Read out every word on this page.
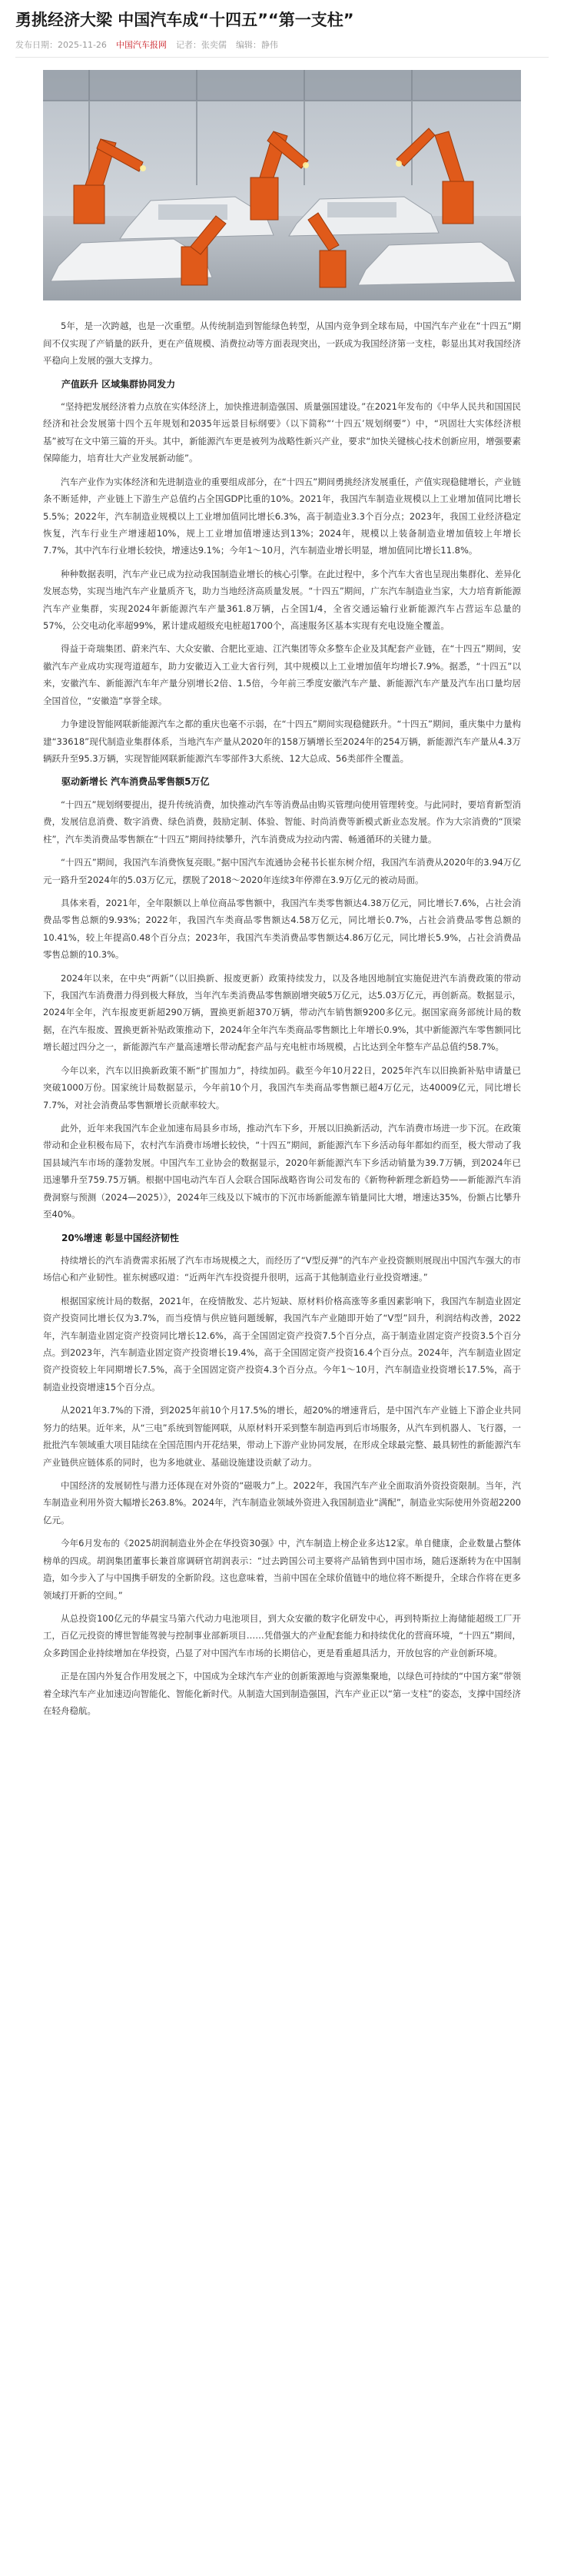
勇挑经济大梁 中国汽车成“十四五”“第一支柱”
发布日期：2025-11-26 中国汽车报网 记者：张奕儒 编辑：静伟

5年，是一次跨越，也是一次重塑。从传统制造到智能绿色转型，从国内竞争到全球布局，中国汽车产业在“十四五”期间不仅实现了产销量的跃升，更在产值规模、消费拉动等方面表现突出，一跃成为我国经济第一支柱，彰显出其对我国经济平稳向上发展的强大支撑力。

产值跃升 区域集群协同发力

“坚持把发展经济着力点放在实体经济上，加快推进制造强国、质量强国建设。”在2021年发布的《中华人民共和国国民经济和社会发展第十四个五年规划和2035年远景目标纲要》（以下简称“‘十四五’规划纲要”）中，“巩固壮大实体经济根基”被写在文中第三篇的开头。其中，新能源汽车更是被列为战略性新兴产业，要求“加快关键核心技术创新应用，增强要素保障能力，培育壮大产业发展新动能”。

汽车产业作为实体经济和先进制造业的重要组成部分，在“十四五”期间勇挑经济发展重任，产值实现稳健增长，产业链条不断延伸，产业链上下游生产总值约占全国GDP比重的10%。2021年，我国汽车制造业规模以上工业增加值同比增长5.5%；2022年，汽车制造业规模以上工业增加值同比增长6.3%，高于制造业3.3个百分点；2023年，我国工业经济稳定恢复，汽车行业生产增速超10%，规上工业增加值增速达到13%；2024年，规模以上装备制造业增加值较上年增长7.7%，其中汽车行业增长较快，增速达9.1%；今年1～10月，汽车制造业增长明显，增加值同比增长11.8%。

种种数据表明，汽车产业已成为拉动我国制造业增长的核心引擎。在此过程中，多个汽车大省也呈现出集群化、差异化发展态势，实现当地汽车产业量质齐飞，助力当地经济高质量发展。“十四五”期间，广东汽车制造业当家，大力培育新能源汽车产业集群，实现2024年新能源汽车产量361.8万辆，占全国1/4，全省交通运输行业新能源汽车占营运车总量的57%，公交电动化率超99%，累计建成超级充电桩超1700个，高速服务区基本实现有充电设施全覆盖。

得益于奇瑞集团、蔚来汽车、大众安徽、合肥比亚迪、江汽集团等众多整车企业及其配套产业链，在“十四五”期间，安徽汽车产业成功实现弯道超车，助力安徽迈入工业大省行列，其中规模以上工业增加值年均增长7.9%。据悉，“十四五”以来，安徽汽车、新能源汽车年产量分别增长2倍、1.5倍，今年前三季度安徽汽车产量、新能源汽车产量及汽车出口量均居全国首位，“安徽造”享誉全球。

力争建设智能网联新能源汽车之都的重庆也毫不示弱，在“十四五”期间实现稳健跃升。“十四五”期间，重庆集中力量构建“33618”现代制造业集群体系，当地汽车产量从2020年的158万辆增长至2024年的254万辆，新能源汽车产量从4.3万辆跃升至95.3万辆，实现智能网联新能源汽车零部件3大系统、12大总成、56类部件全覆盖。

驱动新增长 汽车消费品零售额5万亿

“十四五”规划纲要提出，提升传统消费，加快推动汽车等消费品由购买管理向使用管理转变。与此同时，要培育新型消费，发展信息消费、数字消费、绿色消费，鼓励定制、体验、智能、时尚消费等新模式新业态发展。作为大宗消费的“顶梁柱”，汽车类消费品零售额在“十四五”期间持续攀升，汽车消费成为拉动内需、畅通循环的关键力量。

“十四五”期间，我国汽车消费恢复亮眼。”据中国汽车流通协会秘书长崔东树介绍，我国汽车消费从2020年的3.94万亿元一路升至2024年的5.03万亿元，摆脱了2018～2020年连续3年停滞在3.9万亿元的被动局面。

具体来看，2021年，全年限额以上单位商品零售额中，我国汽车类零售额达4.38万亿元，同比增长7.6%，占社会消费品零售总额的9.93%；2022年，我国汽车类商品零售额达4.58万亿元，同比增长0.7%，占社会消费品零售总额的10.41%，较上年提高0.48个百分点；2023年，我国汽车类消费品零售额达4.86万亿元，同比增长5.9%，占社会消费品零售总额的10.3%。

2024年以来，在中央“两新”（以旧换新、报废更新）政策持续发力，以及各地因地制宜实施促进汽车消费政策的带动下，我国汽车消费潜力得到极大释放，当年汽车类消费品零售额剧增突破5万亿元，达5.03万亿元，再创新高。数据显示，2024年全年，汽车报废更新超290万辆，置换更新超370万辆，带动汽车销售额9200多亿元。据国家商务部统计局的数据，在汽车报废、置换更新补贴政策推动下，2024年全年汽车类商品零售额比上年增长0.9%，其中新能源汽车零售额同比增长超过四分之一，新能源汽车产量高速增长带动配套产品与充电桩市场规模，占比达到全年整车产品总值约58.7%。

今年以来，汽车以旧换新政策不断“扩围加力”，持续加码。截至今年10月22日，2025年汽车以旧换新补贴申请量已突破1000万份。国家统计局数据显示，今年前10个月，我国汽车类商品零售额已超4万亿元，达40009亿元，同比增长7.7%，对社会消费品零售额增长贡献率较大。

此外，近年来我国汽车企业加速布局县乡市场，推动汽车下乡，开展以旧换新活动，汽车消费市场进一步下沉。在政策带动和企业积极布局下，农村汽车消费市场增长较快，“十四五”期间，新能源汽车下乡活动每年都如约而至，极大带动了我国县域汽车市场的蓬勃发展。中国汽车工业协会的数据显示，2020年新能源汽车下乡活动销量为39.7万辆，到2024年已迅速攀升至759.75万辆。根据中国电动汽车百人会联合国际战略咨询公司发布的《新物种新理念新趋势——新能源汽车消费洞察与预测（2024—2025）》，2024年三线及以下城市的下沉市场新能源车销量同比大增，增速达35%，份额占比攀升至40%。

20%增速 彰显中国经济韧性

持续增长的汽车消费需求拓展了汽车市场规模之大，而经历了“V型反弹”的汽车产业投资额则展现出中国汽车强大的市场信心和产业韧性。崔东树感叹道：“近两年汽车投资提升很明，远高于其他制造业行业投资增速。”

根据国家统计局的数据，2021年，在疫情散发、芯片短缺、原材料价格高涨等多重因素影响下，我国汽车制造业固定资产投资同比增长仅为3.7%，而当疫情与供应链问题缓解，我国汽车产业随即开始了“V型”回升，利润结构改善，2022年，汽车制造业固定资产投资同比增长12.6%，高于全国固定资产投资7.5个百分点，高于制造业固定资产投资3.5个百分点。到2023年，汽车制造业固定资产投资增长19.4%，高于全国固定资产投资16.4个百分点。2024年，汽车制造业固定资产投资较上年同期增长7.5%，高于全国固定资产投资4.3个百分点。今年1～10月，汽车制造业投资增长17.5%，高于制造业投资增速15个百分点。

从2021年3.7%的下滑，到2025年前10个月17.5%的增长，超20%的增速背后，是中国汽车产业链上下游企业共同努力的结果。近年来，从“三电”系统到智能网联，从原材料开采到整车制造再到后市场服务，从汽车到机器人、飞行器，一批批汽车领域重大项目陆续在全国范围内开花结果，带动上下游产业协同发展，在形成全球最完整、最具韧性的新能源汽车产业链供应链体系的同时，也为多地就业、基础设施建设贡献了动力。

中国经济的发展韧性与潜力还体现在对外资的“磁吸力”上。2022年，我国汽车产业全面取消外资投资限制。当年，汽车制造业利用外资大幅增长263.8%。2024年，汽车制造业领域外资进入我国制造业“满配”，制造业实际使用外资超2200亿元。

今年6月发布的《2025胡润制造业外企在华投资30强》中，汽车制造上榜企业多达12家。单自健康，企业数量占整体榜单的四成。胡润集团董事长兼首席调研官胡润表示：“过去跨国公司主要将产品销售到中国市场，随后逐渐转为在中国制造，如今步入了与中国携手研发的全新阶段。这也意味着，当前中国在全球价值链中的地位将不断提升，全球合作将在更多领域打开新的空间。”

从总投资100亿元的华晨宝马第六代动力电池项目，到大众安徽的数字化研发中心，再到特斯拉上海储能超级工厂开工，百亿元投资的博世智能驾驶与控制事业部新项目……凭借强大的产业配套能力和持续优化的营商环境，“十四五”期间，众多跨国企业持续增加在华投资，凸显了对中国汽车市场的长期信心，更是看重超具活力，开放包容的产业创新环境。

正是在国内外复合作用发展之下，中国成为全球汽车产业的创新策源地与资源集聚地，以绿色可持续的“中国方案”带领着全球汽车产业加速迈向智能化、智能化新时代。从制造大国到制造强国，汽车产业正以“第一支柱”的姿态，支撑中国经济在轻舟稳航。
